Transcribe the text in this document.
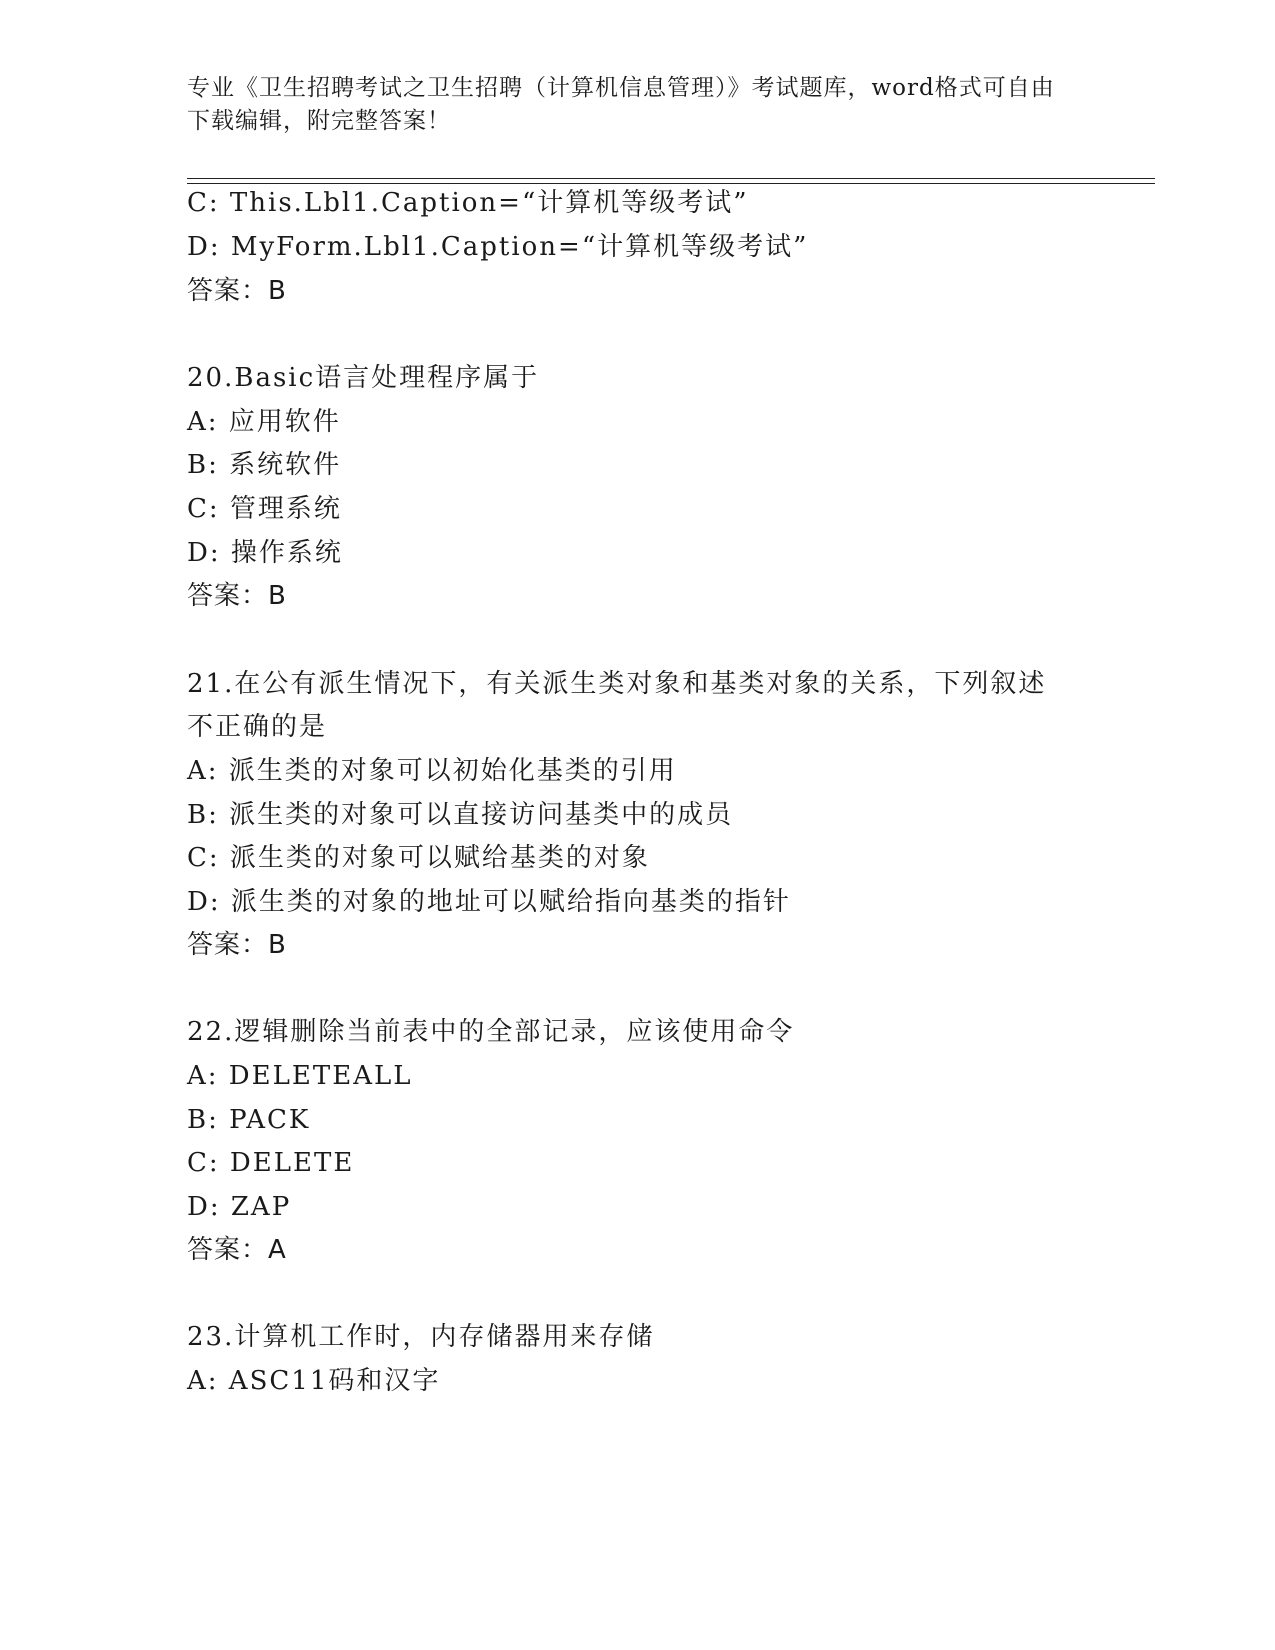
专业《卫生招聘考试之卫生招聘（计算机信息管理）》考试题库，word格式可自由下载编辑，附完整答案！
C: This.Lbl1.Caption=“计算机等级考试”
D: MyForm.Lbl1.Caption=“计算机等级考试”
答案：B
20.Basic语言处理程序属于
A: 应用软件
B: 系统软件
C: 管理系统
D: 操作系统
答案：B
21.在公有派生情况下，有关派生类对象和基类对象的关系，下列叙述
不正确的是
A: 派生类的对象可以初始化基类的引用
B: 派生类的对象可以直接访问基类中的成员
C: 派生类的对象可以赋给基类的对象
D: 派生类的对象的地址可以赋给指向基类的指针
答案：B
22.逻辑删除当前表中的全部记录，应该使用命令
A: DELETEALL
B: PACK
C: DELETE
D: ZAP
答案：A
23.计算机工作时，内存储器用来存储
A: ASC11码和汉字
